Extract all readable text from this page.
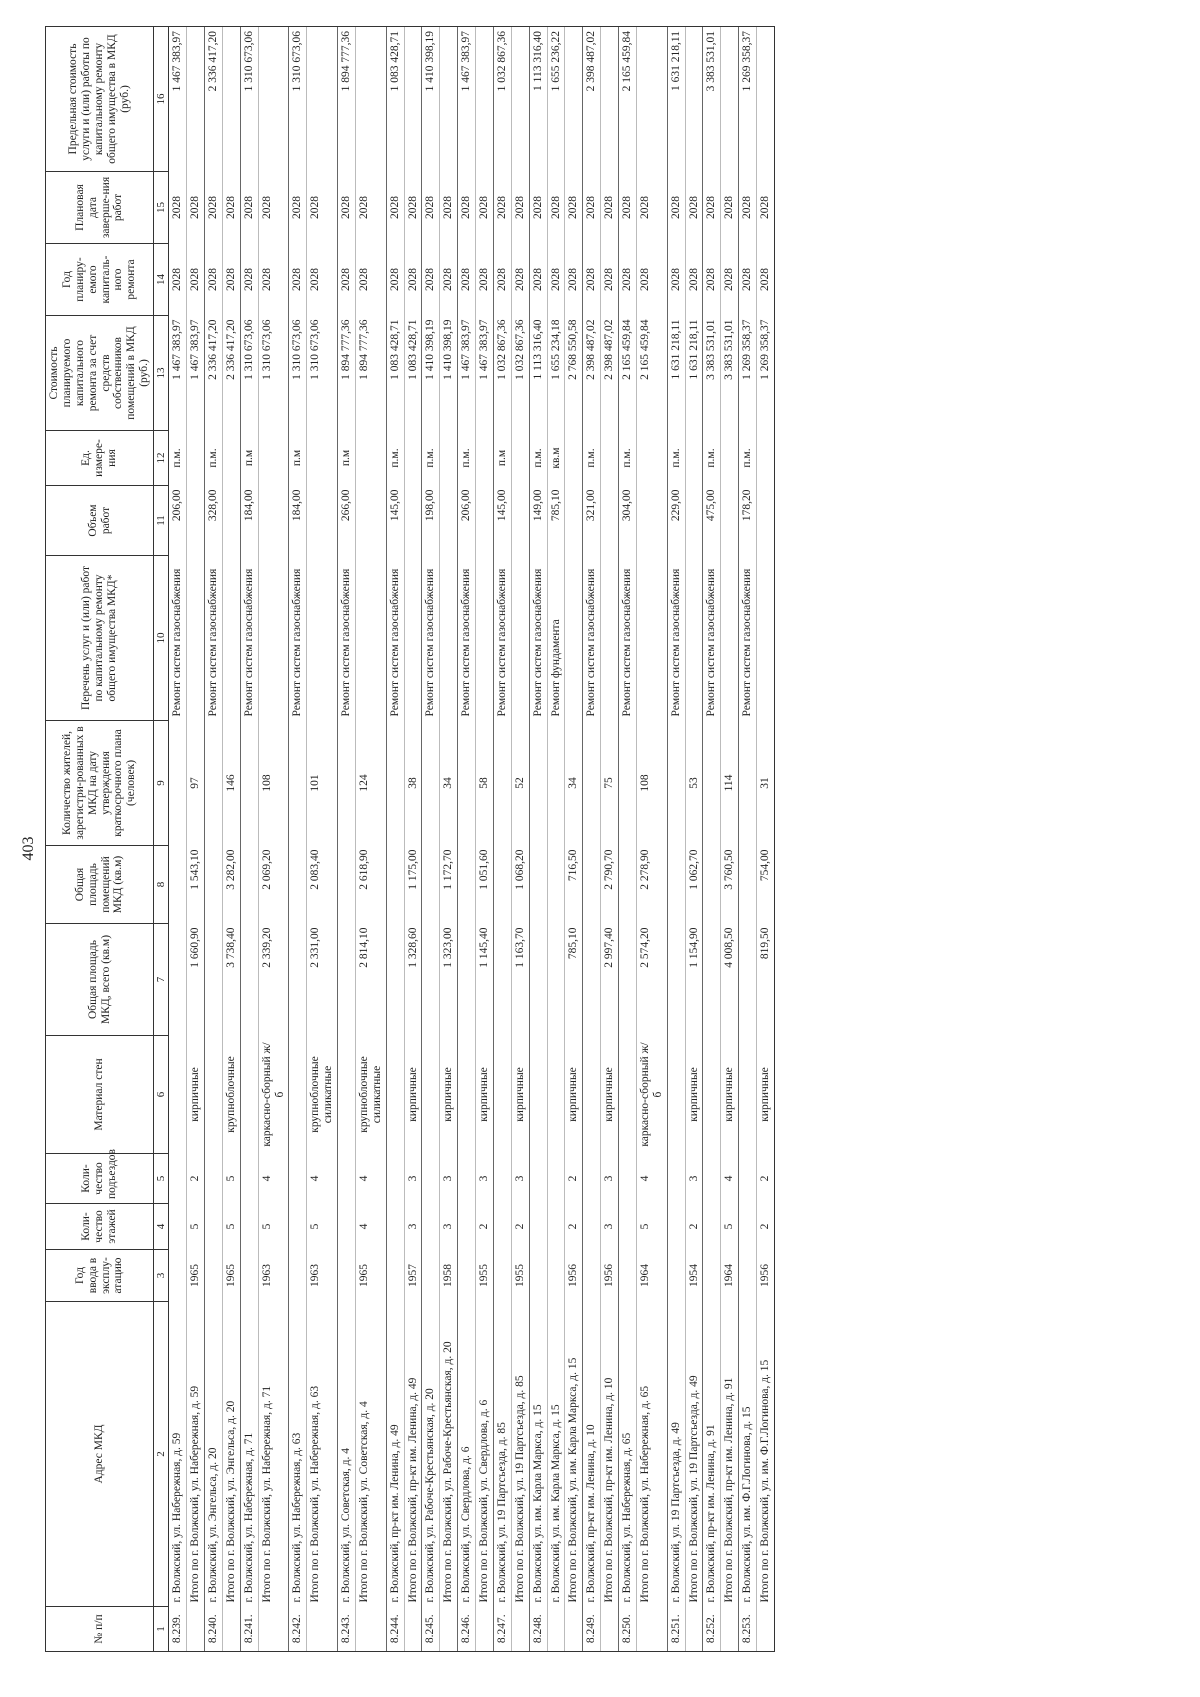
403
№ п/п	Адрес МКД	Год ввода в эксплу-атацию	Коли-чество этажей	Коли-чество подъездов	Материал стен	Общая площадь МКД, всего (кв.м)	Общая площадь помещений МКД (кв.м)	Количество жителей, зарегистри-рованных в МКД на дату утверждения краткосрочного плана (человек)	Перечень услуг и (или) работ по капитальному ремонту общего имущества МКД*	Объем работ	Ед. измере-ния	Стоимость планируемого капитального ремонта за счет средств собственников помещений в МКД (руб.)	Год планиру-емого капиталь-ного ремонта	Плановая дата заверше-ния работ	Предельная стоимость услуги и (или) работы по капитальному ремонту общего имущества в МКД (руб.)
1	2	3	4	5	6	7	8	9	10	11	12	13	14	15	16
8.239.	г. Волжский, ул. Набережная, д. 59								Ремонт систем газоснабжения	206,00	п.м.	1 467 383,97	2028	2028	1 467 383,97
	Итого по г. Волжский, ул. Набережная, д. 59	1965	5	2	кирпичные	1 660,90	1 543,10	97				1 467 383,97	2028	2028	
8.240.	г. Волжский, ул. Энгельса, д. 20								Ремонт систем газоснабжения	328,00	п.м.	2 336 417,20	2028	2028	2 336 417,20
	Итого по г. Волжский, ул. Энгельса, д. 20	1965	5	5	крупноблочные	3 738,40	3 282,00	146				2 336 417,20	2028	2028	
8.241.	г. Волжский, ул. Набережная, д. 71								Ремонт систем газоснабжения	184,00	п.м	1 310 673,06	2028	2028	1 310 673,06
	Итого по г. Волжский, ул. Набережная, д. 71	1963	5	4	каркасно-сборный ж/б	2 339,20	2 069,20	108				1 310 673,06	2028	2028	
8.242.	г. Волжский, ул. Набережная, д. 63								Ремонт систем газоснабжения	184,00	п.м	1 310 673,06	2028	2028	1 310 673,06
	Итого по г. Волжский, ул. Набережная, д. 63	1963	5	4	крупноблочные силикатные	2 331,00	2 083,40	101				1 310 673,06	2028	2028	
8.243.	г. Волжский, ул. Советская, д. 4								Ремонт систем газоснабжения	266,00	п.м	1 894 777,36	2028	2028	1 894 777,36
	Итого по г. Волжский, ул. Советская, д. 4	1965	4	4	крупноблочные силикатные	2 814,10	2 618,90	124				1 894 777,36	2028	2028	
8.244.	г. Волжский, пр-кт им. Ленина, д. 49								Ремонт систем газоснабжения	145,00	п.м.	1 083 428,71	2028	2028	1 083 428,71
	Итого по г. Волжский, пр-кт им. Ленина, д. 49	1957	3	3	кирпичные	1 328,60	1 175,00	38				1 083 428,71	2028	2028	
8.245.	г. Волжский, ул. Рабоче-Крестьянская, д. 20								Ремонт систем газоснабжения	198,00	п.м.	1 410 398,19	2028	2028	1 410 398,19
	Итого по г. Волжский, ул. Рабоче-Крестьянская, д. 20	1958	3	3	кирпичные	1 323,00	1 172,70	34				1 410 398,19	2028	2028	
8.246.	г. Волжский, ул. Свердлова, д. 6								Ремонт систем газоснабжения	206,00	п.м.	1 467 383,97	2028	2028	1 467 383,97
	Итого по г. Волжский, ул. Свердлова, д. 6	1955	2	3	кирпичные	1 145,40	1 051,60	58				1 467 383,97	2028	2028	
8.247.	г. Волжский, ул. 19 Партсъезда, д. 85								Ремонт систем газоснабжения	145,00	п.м	1 032 867,36	2028	2028	1 032 867,36
	Итого по г. Волжский, ул. 19 Партсъезда, д. 85	1955	2	3	кирпичные	1 163,70	1 068,20	52				1 032 867,36	2028	2028	
8.248.	г. Волжский, ул. им. Карла Маркса, д. 15								Ремонт систем газоснабжения	149,00	п.м.	1 113 316,40	2028	2028	1 113 316,40
	г. Волжский, ул. им. Карла Маркса, д. 15								Ремонт фундамента	785,10	кв.м	1 655 234,18	2028	2028	1 655 236,22
	Итого по г. Волжский, ул. им. Карла Маркса, д. 15	1956	2	2	кирпичные	785,10	716,50	34				2 768 550,58	2028	2028	
8.249.	г. Волжский, пр-кт им. Ленина, д. 10								Ремонт систем газоснабжения	321,00	п.м.	2 398 487,02	2028	2028	2 398 487,02
	Итого по г. Волжский, пр-кт им. Ленина, д. 10	1956	3	3	кирпичные	2 997,40	2 790,70	75				2 398 487,02	2028	2028	
8.250.	г. Волжский, ул. Набережная, д. 65								Ремонт систем газоснабжения	304,00	п.м.	2 165 459,84	2028	2028	2 165 459,84
	Итого по г. Волжский, ул. Набережная, д. 65	1964	5	4	каркасно-сборный ж/б	2 574,20	2 278,90	108				2 165 459,84	2028	2028	
8.251.	г. Волжский, ул. 19 Партсъезда, д. 49								Ремонт систем газоснабжения	229,00	п.м.	1 631 218,11	2028	2028	1 631 218,11
	Итого по г. Волжский, ул. 19 Партсъезда, д. 49	1954	2	3	кирпичные	1 154,90	1 062,70	53				1 631 218,11	2028	2028	
8.252.	г. Волжский, пр-кт им. Ленина, д. 91								Ремонт систем газоснабжения	475,00	п.м.	3 383 531,01	2028	2028	3 383 531,01
	Итого по г. Волжский, пр-кт им. Ленина, д. 91	1964	5	4	кирпичные	4 008,50	3 760,50	114				3 383 531,01	2028	2028	
8.253.	г. Волжский, ул. им. Ф.Г.Логинова, д. 15								Ремонт систем газоснабжения	178,20	п.м.	1 269 358,37	2028	2028	1 269 358,37
	Итого по г. Волжский, ул. им. Ф.Г.Логинова, д. 15	1956	2	2	кирпичные	819,50	754,00	31				1 269 358,37	2028	2028	
